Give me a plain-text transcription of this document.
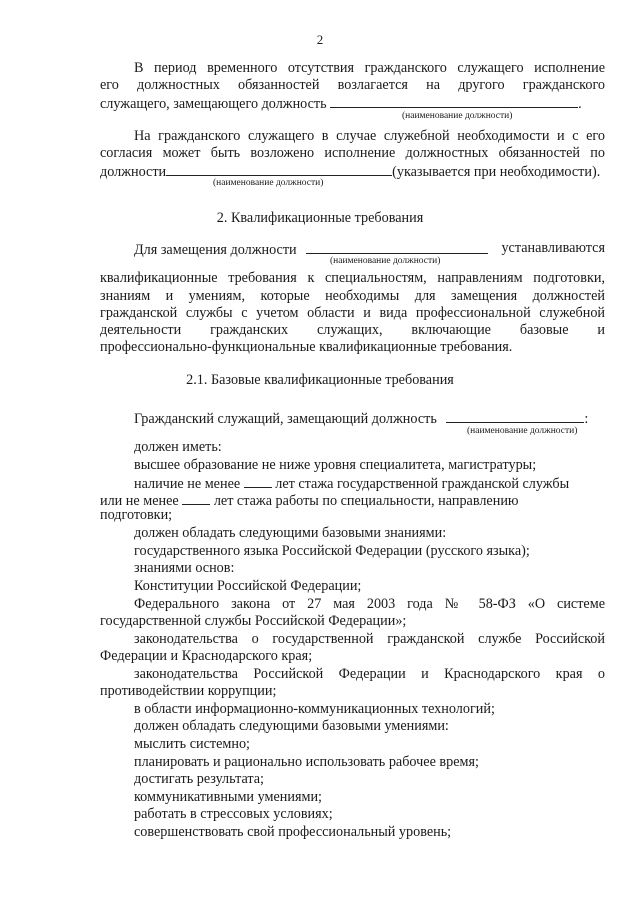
2
В период временного отсутствия гражданского служащего исполнение
его должностных обязанностей возлагается на другого гражданского
служащего, замещающего должность	.
(наименование должности)
На гражданского служащего в случае служебной необходимости и с его
согласия может быть возложено исполнение должностных обязанностей по
должности	(указывается при необходимости).
(наименование должности)
2. Квалификационные требования
Для замещения должности	устанавливаются
(наименование должности)
квалификационные требования к специальностям, направлениям подготовки,
знаниям и умениям, которые необходимы для замещения должностей
гражданской службы с учетом области и вида профессиональной служебной
деятельности гражданских служащих, включающие базовые и
профессионально-функциональные квалификационные требования.
2.1. Базовые квалификационные требования
Гражданский служащий, замещающий должность	:
(наименование должности)
должен иметь:
высшее образование не ниже уровня специалитета, магистратуры;
наличие не менее лет стажа государственной гражданской службы
или не менее лет стажа работы по специальности, направлению
подготовки;
должен обладать следующими базовыми знаниями:
государственного языка Российской Федерации (русского языка);
знаниями основ:
Конституции Российской Федерации;
Федерального закона от 27 мая 2003 года № 58-ФЗ «О системе
государственной службы Российской Федерации»;
законодательства о государственной гражданской службе Российской
Федерации и Краснодарского края;
законодательства Российской Федерации и Краснодарского края о
противодействии коррупции;
в области информационно-коммуникационных технологий;
должен обладать следующими базовыми умениями:
мыслить системно;
планировать и рационально использовать рабочее время;
достигать результата;
коммуникативными умениями;
работать в стрессовых условиях;
совершенствовать свой профессиональный уровень;
